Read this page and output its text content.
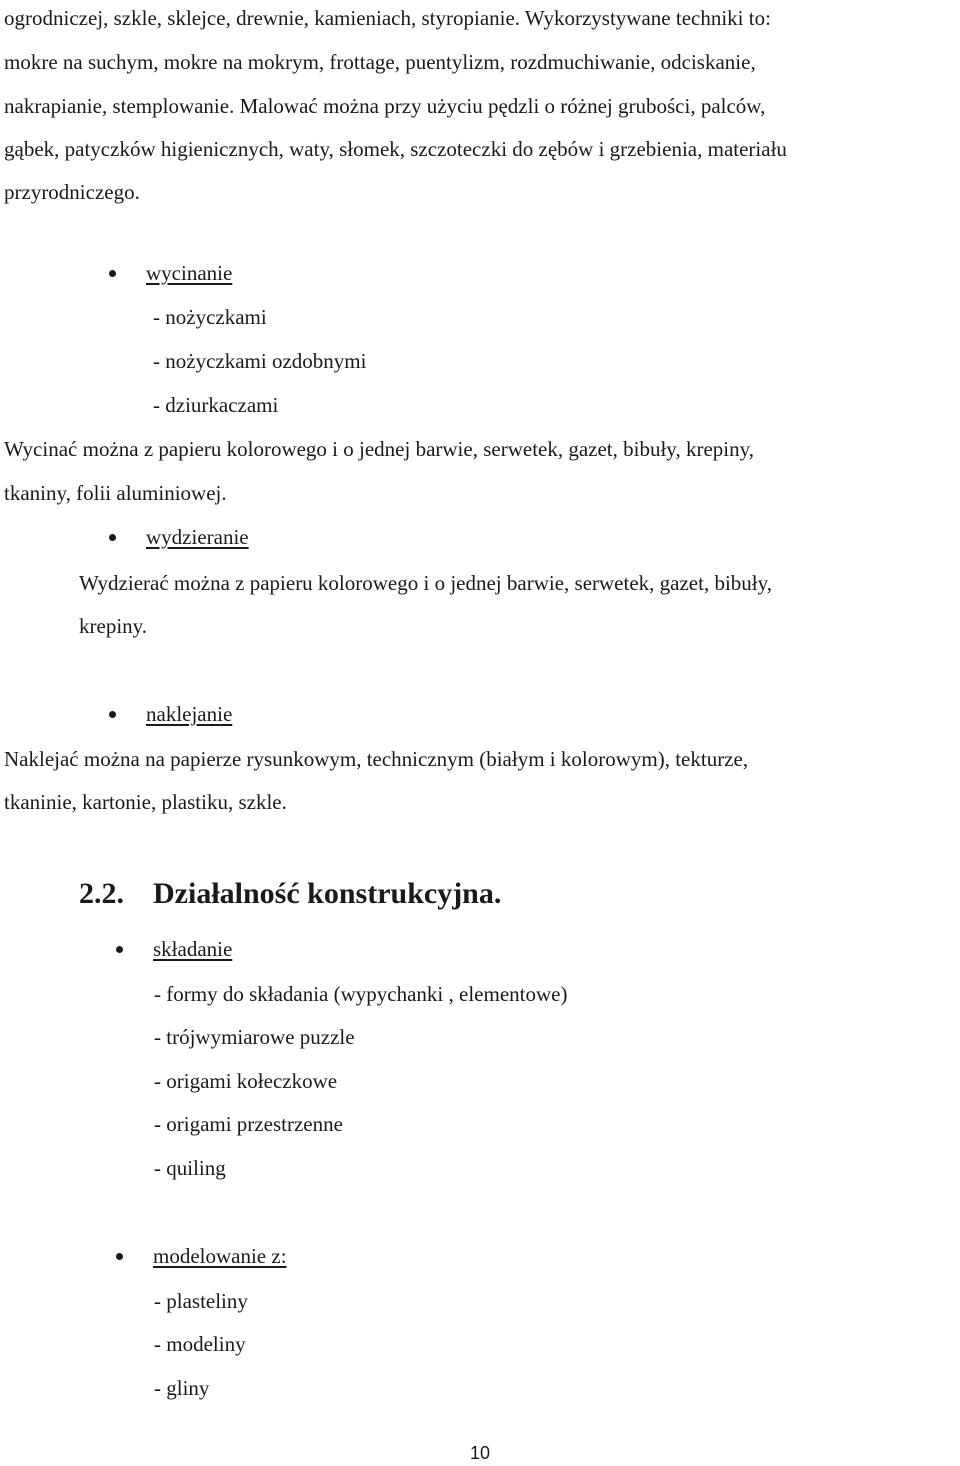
ogrodniczej, szkle, sklejce, drewnie, kamieniach, styropianie. Wykorzystywane techniki to:
mokre na suchym, mokre na mokrym, frottage, puentylizm, rozdmuchiwanie, odciskanie,
nakrapianie, stemplowanie. Malować można przy użyciu pędzli o różnej grubości, palców,
gąbek, patyczków higienicznych, waty, słomek, szczoteczki do zębów i grzebienia, materiału
przyrodniczego.
wycinanie
- nożyczkami
- nożyczkami ozdobnymi
- dziurkaczami
Wycinać można z papieru kolorowego i o jednej barwie, serwetek, gazet, bibuły, krepiny,
tkaniny, folii aluminiowej.
wydzieranie
Wydzierać można z papieru kolorowego i o jednej barwie, serwetek, gazet, bibuły,
krepiny.
naklejanie
Naklejać można na papierze rysunkowym, technicznym (białym i kolorowym), tekturze,
tkaninie, kartonie, plastiku, szkle.
2.2. Działalność konstrukcyjna.
składanie
- formy do składania (wypychanki , elementowe)
- trójwymiarowe puzzle
- origami kołeczkowe
- origami przestrzenne
- quiling
modelowanie z:
- plasteliny
- modeliny
- gliny
10
